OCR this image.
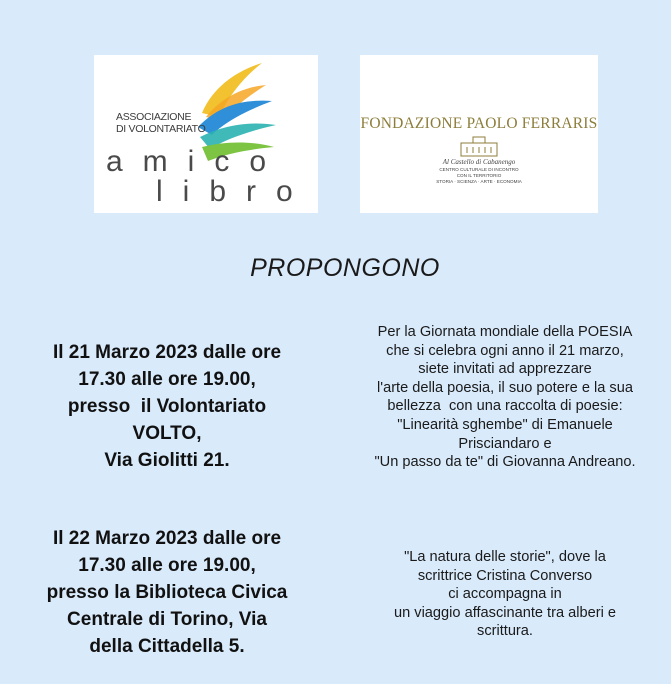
ASSOCIAZIONE
DI VOLONTARIATO
amico
libro
FONDAZIONE PAOLO FERRARIS
Al Castello di Cabanengo
CENTRO CULTURALE DI INCONTRO
CON IL TERRITORIO
STORIA · SCIENZA · ARTE · ECONOMIA
PROPONGONO
Il 21 Marzo 2023 dalle ore
17.30 alle ore 19.00,
presso  il Volontariato
VOLTO,
Via Giolitti 21.
Per la Giornata mondiale della POESIA
che si celebra ogni anno il 21 marzo,
siete invitati ad apprezzare
l'arte della poesia, il suo potere e la sua
bellezza  con una raccolta di poesie:
"Linearità sghembe" di Emanuele
Prisciandaro e
"Un passo da te" di Giovanna Andreano.
Il 22 Marzo 2023 dalle ore
17.30 alle ore 19.00,
presso la Biblioteca Civica
Centrale di Torino, Via
della Cittadella 5.
"La natura delle storie", dove la
scrittrice Cristina Converso
ci accompagna in
un viaggio affascinante tra alberi e
scrittura.
